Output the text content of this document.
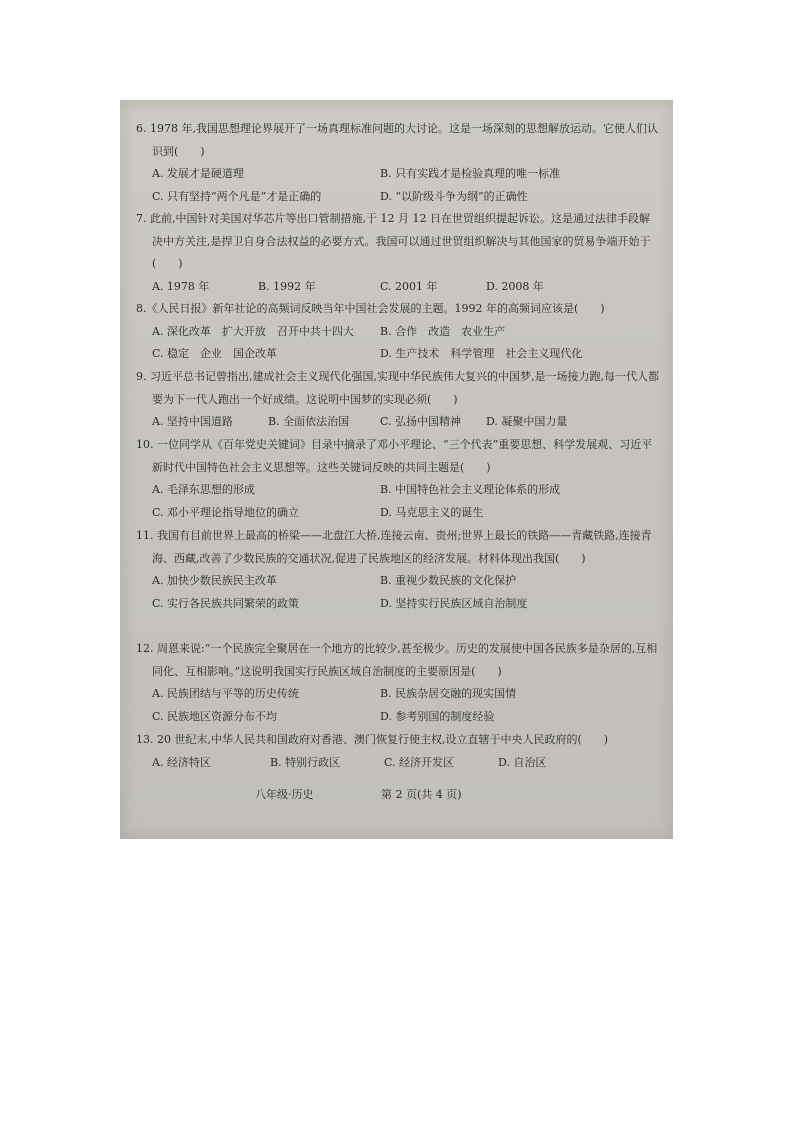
6. 1978 年,我国思想理论界展开了一场真理标准问题的大讨论。这是一场深刻的思想解放运动。它使人们认识到(　　)

A. 发展才是硬道理	B. 只有实践才是检验真理的唯一标准
C. 只有坚持“两个凡是”才是正确的	D. “以阶级斗争为纲”的正确性

7. 此前,中国针对美国对华芯片等出口管制措施,于 12 月 12 日在世贸组织提起诉讼。这是通过法律手段解决中方关注,是捍卫自身合法权益的必要方式。我国可以通过世贸组织解决与其他国家的贸易争端开始于(　　)

A. 1978 年	B. 1992 年	C. 2001 年	D. 2008 年

8.《人民日报》新年社论的高频词反映当年中国社会发展的主题。1992 年的高频词应该是(　　)

A. 深化改革　扩大开放　召开中共十四大 B. 合作　改造　农业生产
C. 稳定　企业　国企改革	D. 生产技术　科学管理　社会主义现代化

9. 习近平总书记曾指出,建成社会主义现代化强国,实现中华民族伟大复兴的中国梦,是一场接力跑,每一代人都要为下一代人跑出一个好成绩。这说明中国梦的实现必须(　　)

A. 坚持中国道路	B. 全面依法治国	C. 弘扬中国精神 D. 凝聚中国力量

10. 一位同学从《百年党史关键词》目录中摘录了邓小平理论、“三个代表”重要思想、科学发展观、习近平新时代中国特色社会主义思想等。这些关键词反映的共同主题是(　　)

A. 毛泽东思想的形成	B. 中国特色社会主义理论体系的形成
C. 邓小平理论指导地位的确立	D. 马克思主义的诞生

11. 我国有目前世界上最高的桥梁——北盘江大桥,连接云南、贵州;世界上最长的铁路——青藏铁路,连接青海、西藏,改善了少数民族的交通状况,促进了民族地区的经济发展。材料体现出我国(　　)

A. 加快少数民族民主改革	B. 重视少数民族的文化保护
C. 实行各民族共同繁荣的政策	D. 坚持实行民族区域自治制度

12. 周恩来说:“一个民族完全聚居在一个地方的比较少,甚至极少。历史的发展使中国各民族多是杂居的,互相同化、互相影响。”这说明我国实行民族区域自治制度的主要原因是(　　)

A. 民族团结与平等的历史传统	B. 民族杂居交融的现实国情
C. 民族地区资源分布不均	D. 参考别国的制度经验

13. 20 世纪末,中华人民共和国政府对香港、澳门恢复行使主权,设立直辖于中央人民政府的(　　)

A. 经济特区	B. 特别行政区	C. 经济开发区	D. 自治区
八年级·历史	第 2 页(共 4 页)
